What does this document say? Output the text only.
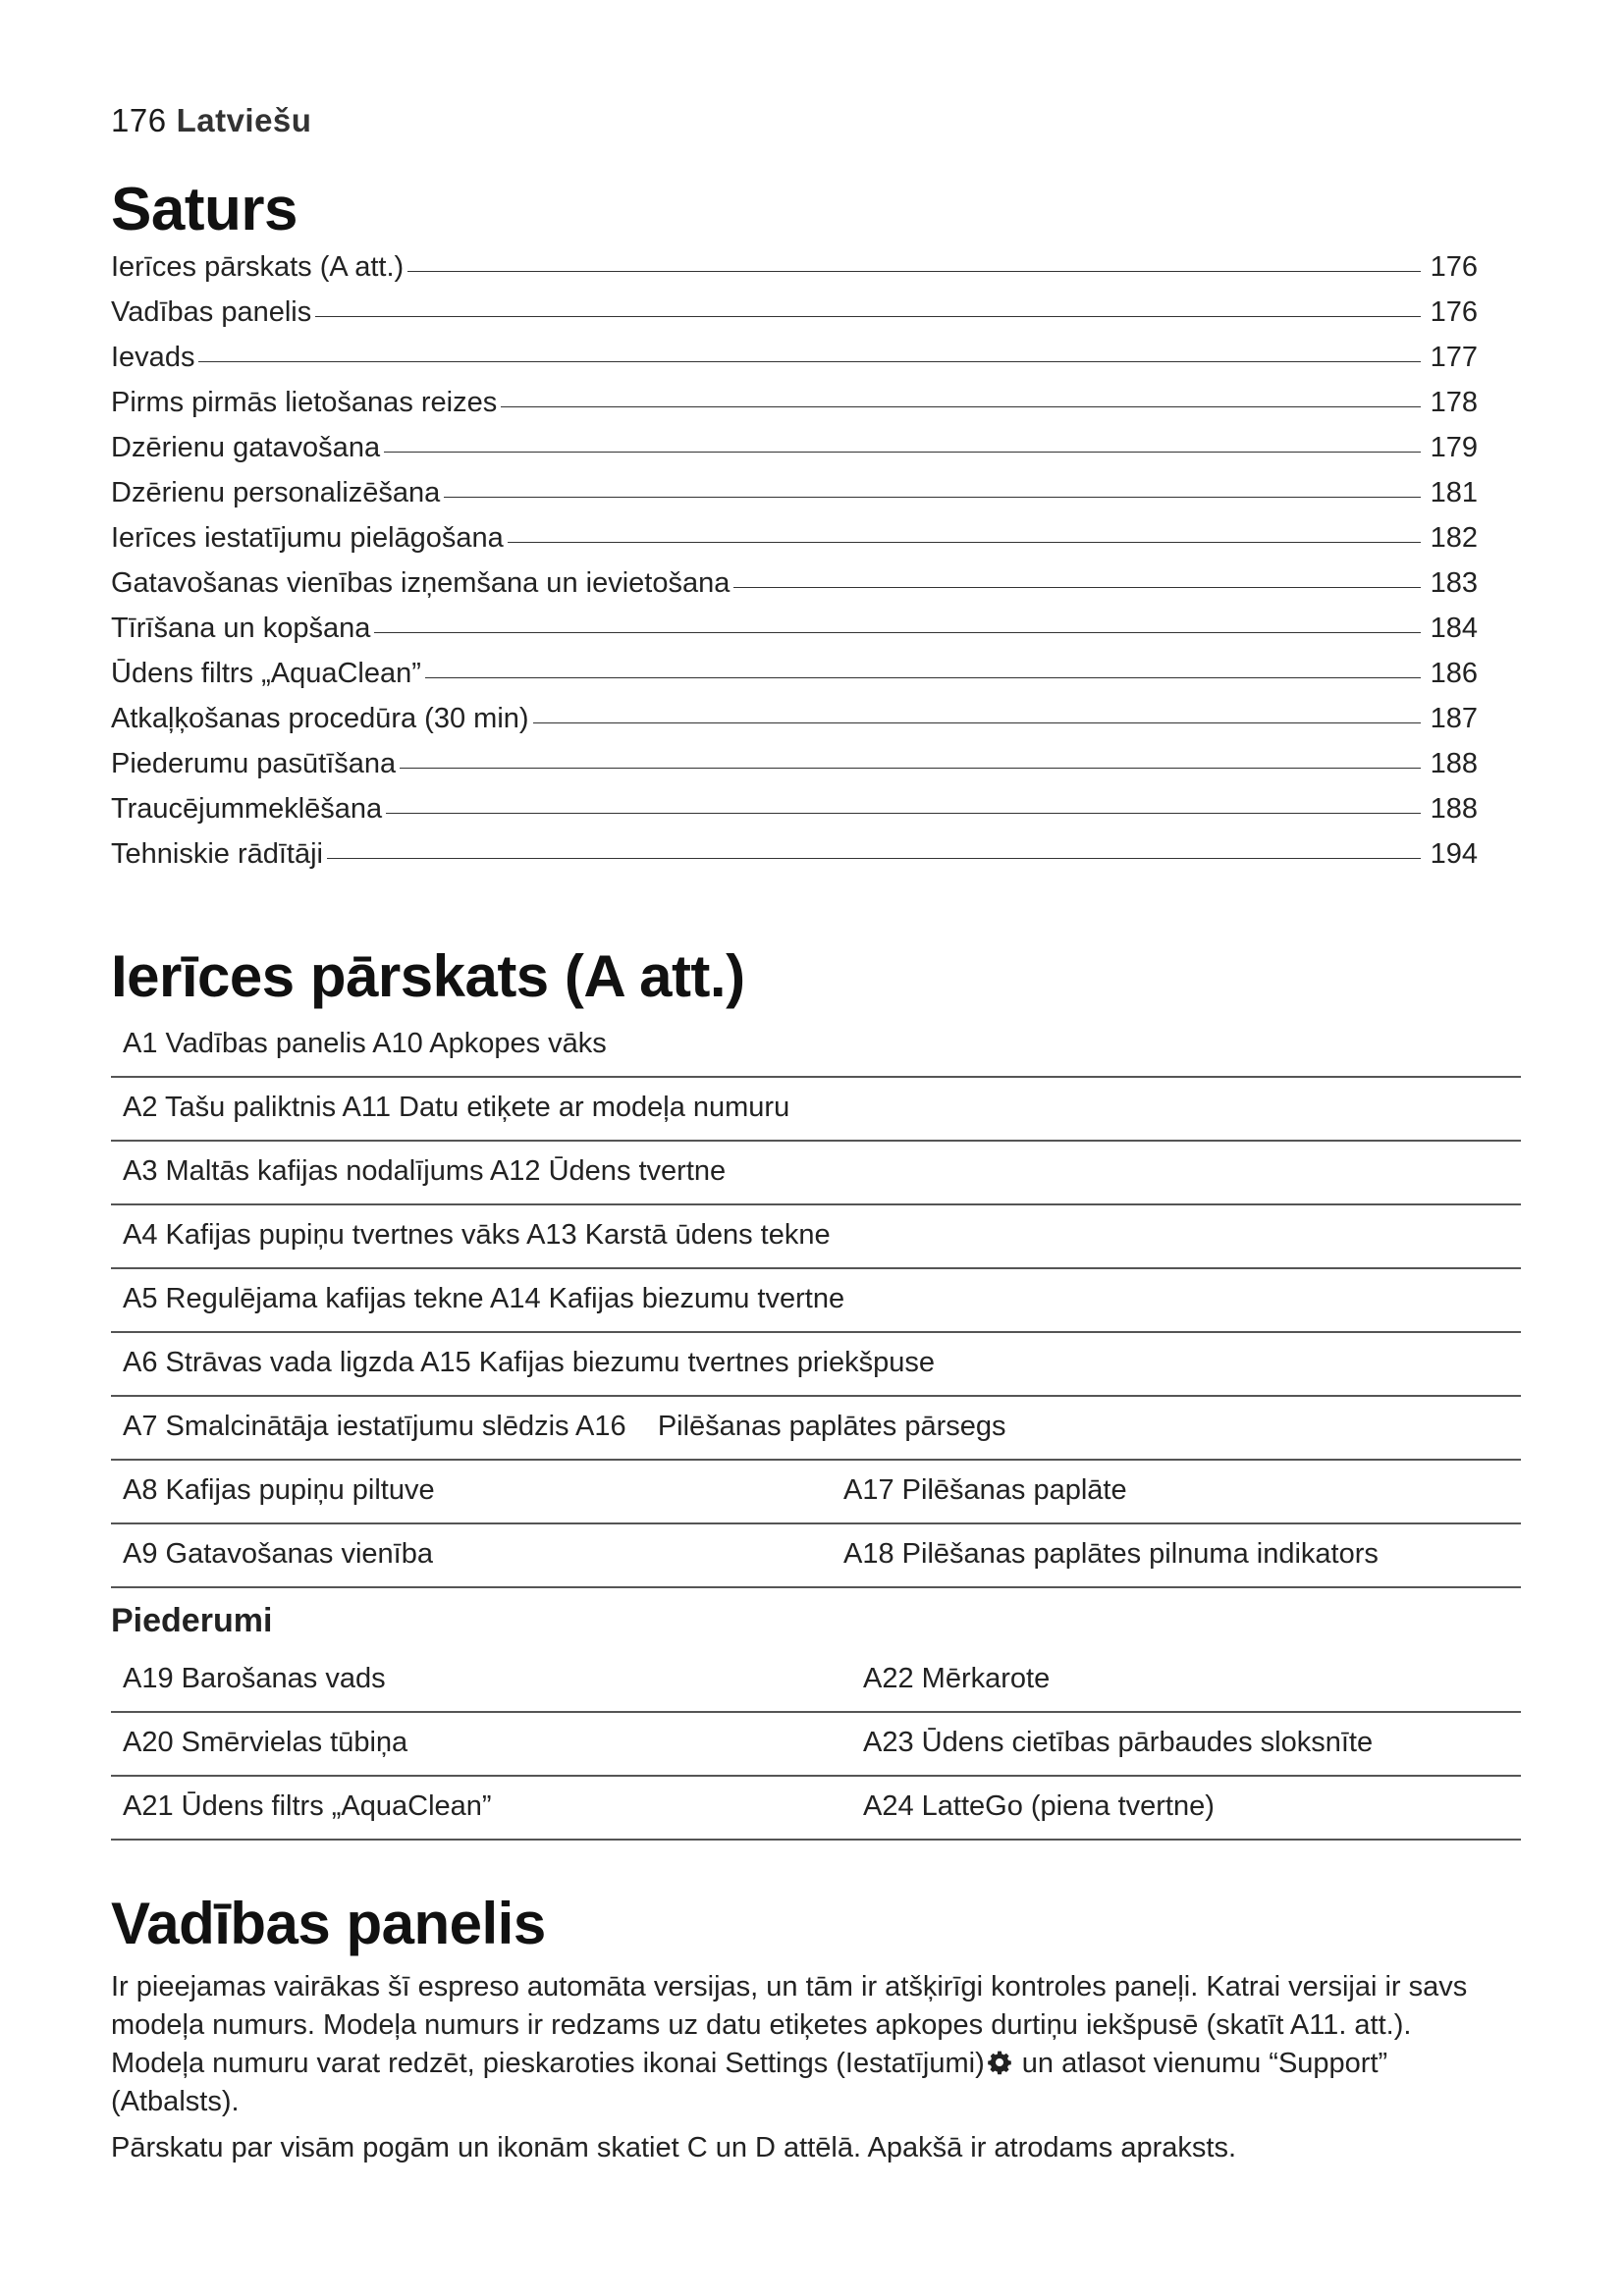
176 Latviešu
Saturs
Ierīces pārskats (A att.)	176
Vadības panelis	176
Ievads	177
Pirms pirmās lietošanas reizes	178
Dzērienu gatavošana	179
Dzērienu personalizēšana	181
Ierīces iestatījumu pielāgošana	182
Gatavošanas vienības izņemšana un ievietošana	183
Tīrīšana un kopšana	184
Ūdens filtrs „AquaClean”	186
Atkaļķošanas procedūra (30 min)	187
Piederumu pasūtīšana	188
Traucējummeklēšana	188
Tehniskie rādītāji	194
Ierīces pārskats (A att.)
A1 Vadības panelis A10 Apkopes vāks
A2 Tašu paliktnis A11 Datu etiķete ar modeļa numuru
A3 Maltās kafijas nodalījums A12 Ūdens tvertne
A4 Kafijas pupiņu tvertnes vāks A13 Karstā ūdens tekne
A5 Regulējama kafijas tekne A14 Kafijas biezumu tvertne
A6 Strāvas vada ligzda A15 Kafijas biezumu tvertnes priekšpuse
A7 Smalcinātāja iestatījumu slēdzis A16    Pilēšanas paplātes pārsegs
A8 Kafijas pupiņu piltuve	A17 Pilēšanas paplāte
A9 Gatavošanas vienība	A18 Pilēšanas paplātes pilnuma indikators
Piederumi
A19 Barošanas vads	A22 Mērkarote
A20 Smērvielas tūbiņa	A23 Ūdens cietības pārbaudes sloksnīte
A21 Ūdens filtrs „AquaClean”	A24 LatteGo (piena tvertne)
Vadības panelis

Ir pieejamas vairākas šī espreso automāta versijas, un tām ir atšķirīgi kontroles paneļi. Katrai versijai ir savs modeļa numurs. Modeļa numurs ir redzams uz datu etiķetes apkopes durtiņu iekšpusē (skatīt A11. att.). Modeļa numuru varat redzēt, pieskaroties ikonai Settings (Iestatījumi) un atlasot vienumu “Support” (Atbalsts).

Pārskatu par visām pogām un ikonām skatiet C un D attēlā. Apakšā ir atrodams apraksts.
